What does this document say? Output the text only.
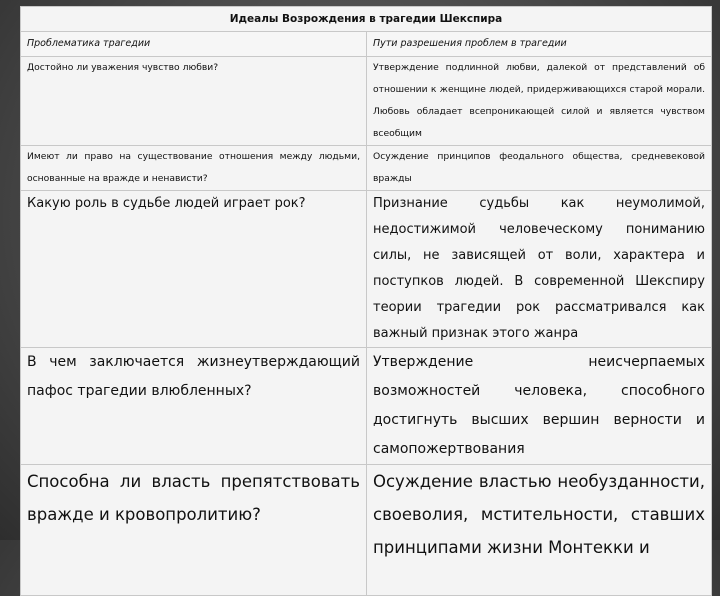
Идеалы Возрождения в трагедии Шекспира	
Проблематика трагедии	Пути разрешения проблем в трагедии
Достойно ли уважения чувство любви?	Утверждение подлинной любви, далекой от представлений об отношении к женщине людей, придерживающихся старой морали. Любовь обладает всепроникающей силой и является чувством всеобщим
Имеют ли право на существование отношения между людьми, основанные на вражде и ненависти?	Осуждение принципов феодального общества, средневековой вражды
Какую роль в судьбе людей играет рок?	Признание судьбы как неумолимой, недостижимой человеческому пониманию силы, не зависящей от воли, характера и поступков людей. В современной Шекспиру теории трагедии рок рассматривался как важный признак этого жанра
В чем заключается жизнеутверждающий пафос трагедии влюбленных?	Утверждение неисчерпаемых возможностей человека, способного достигнуть высших вершин верности и самопожертвования
Способна ли власть препятствовать вражде и кровопролитию?	Осуждение властью необузданности, своеволия, мстительности, ставших принципами жизни Монтекки и
